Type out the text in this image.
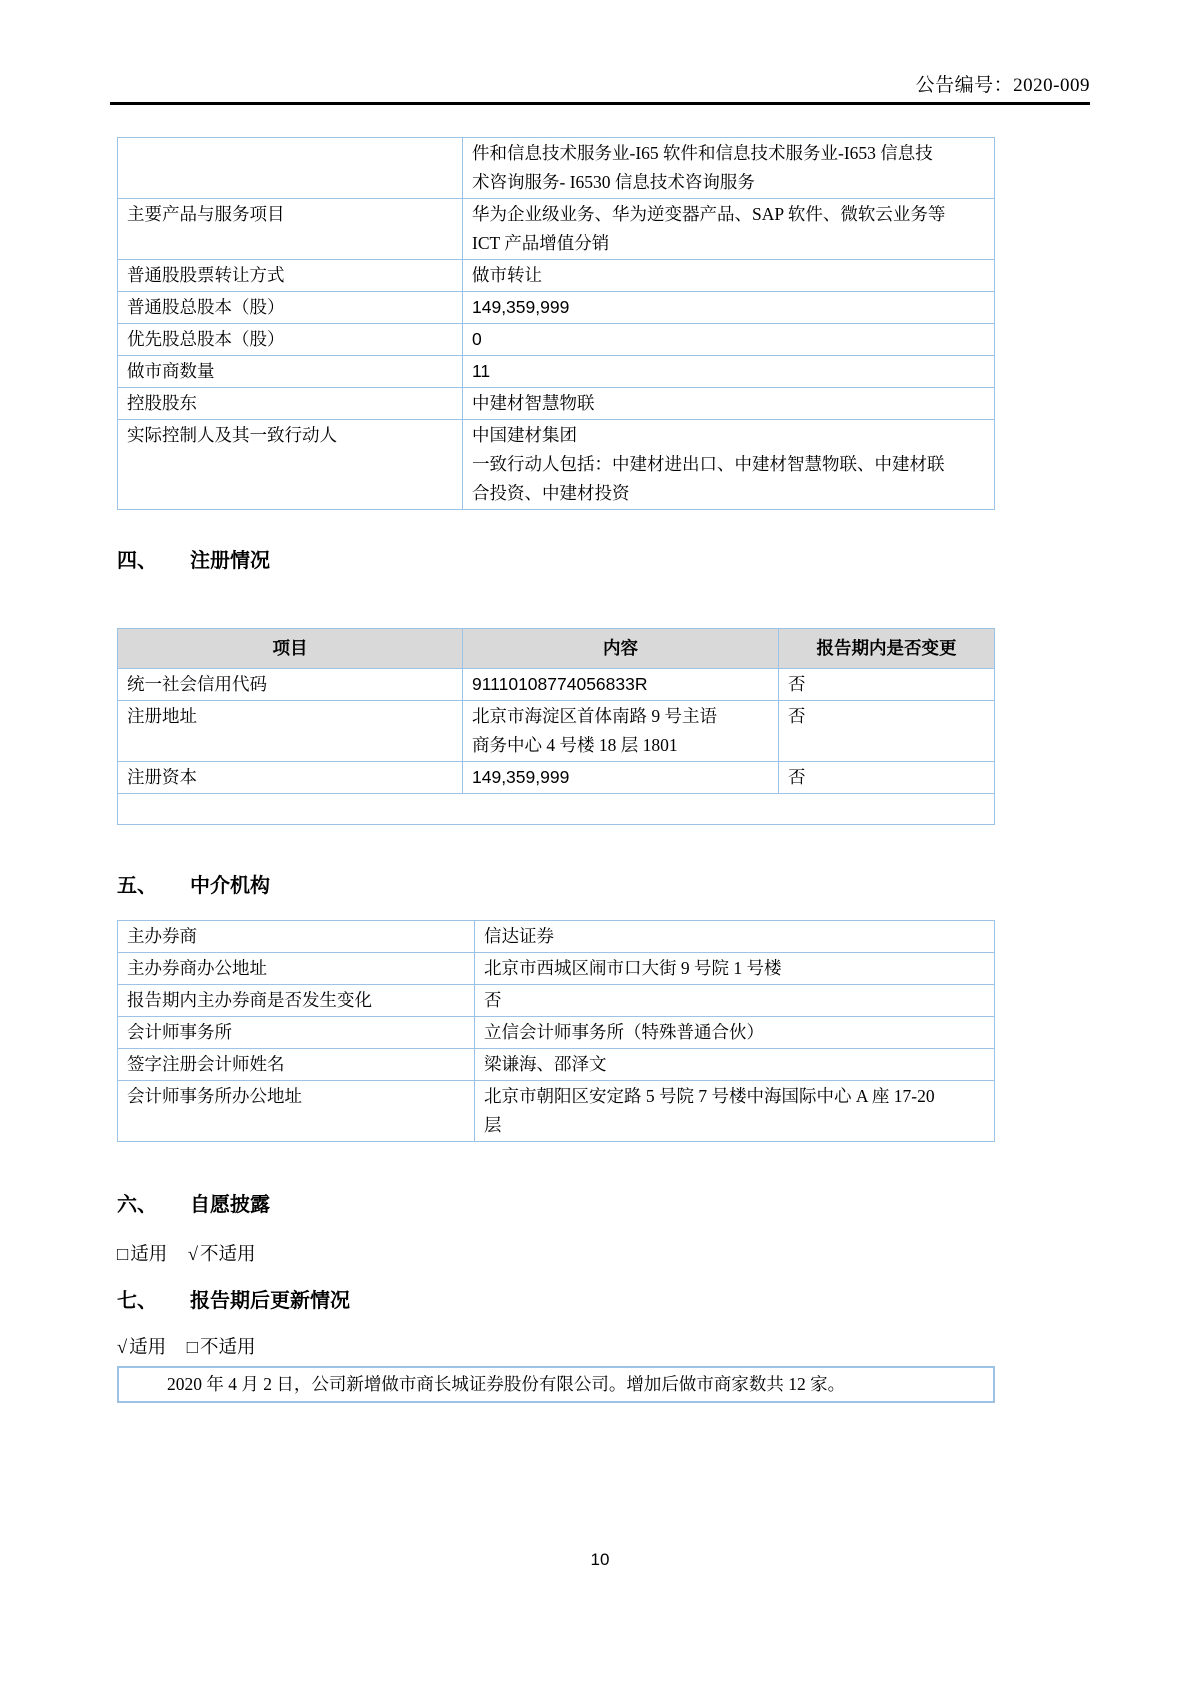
公告编号：2020-009

	件和信息技术服务业-I65 软件和信息技术服务业-I653 信息技
术咨询服务- I6530 信息技术咨询服务

主要产品与服务项目	华为企业级业务、华为逆变器产品、SAP 软件、微软云业务等
ICT 产品增值分销

普通股股票转让方式	做市转让
普通股总股本（股）	149,359,999
优先股总股本（股）	0
做市商数量	11
控股股东	中建材智慧物联
实际控制人及其一致行动人	中国建材集团
一致行动人包括：中建材进出口、中建材智慧物联、中建材联
合投资、中建材投资
四、	注册情况
项目	内容	报告期内是否变更
统一社会信用代码	91110108774056833R	否
注册地址	北京市海淀区首体南路 9 号主语
商务中心 4 号楼 18 层 1801	否
注册资本	149,359,999	否

五、	中介机构
主办券商	信达证券
主办券商办公地址	北京市西城区闹市口大街 9 号院 1 号楼
报告期内主办券商是否发生变化	否
会计师事务所	立信会计师事务所（特殊普通合伙）
签字注册会计师姓名	梁谦海、邵泽文
会计师事务所办公地址	北京市朝阳区安定路 5 号院 7 号楼中海国际中心 A 座 17-20
层
六、	自愿披露
□ 适用 √ 不适用
七、	报告期后更新情况
√ 适用 □ 不适用
2020 年 4 月 2 日，公司新增做市商长城证券股份有限公司。增加后做市商家数共 12 家。
10
